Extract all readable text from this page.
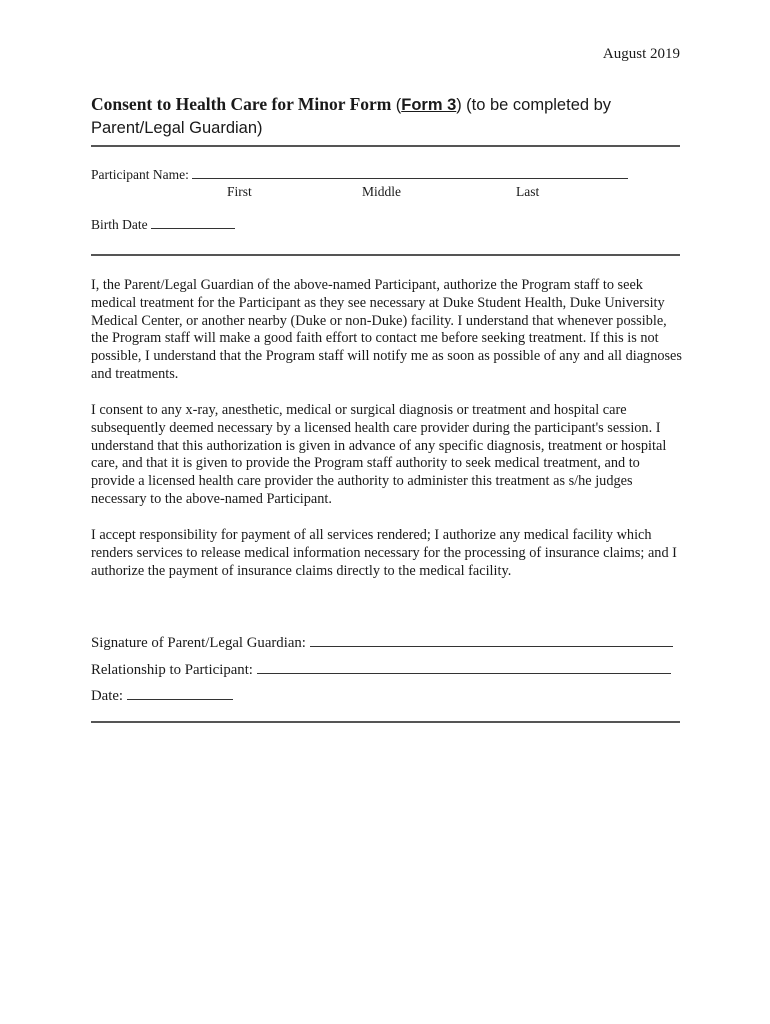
August 2019
Consent to Health Care for Minor Form (Form 3) (to be completed by Parent/Legal Guardian)
Participant Name:
First	Middle	Last
Birth Date

I, the Parent/Legal Guardian of the above-named Participant, authorize the Program staff to seek medical treatment for the Participant as they see necessary at Duke Student Health, Duke University Medical Center, or another nearby (Duke or non-Duke) facility. I understand that whenever possible, the Program staff will make a good faith effort to contact me before seeking treatment. If this is not possible, I understand that the Program staff will notify me as soon as possible of any and all diagnoses and treatments.

I consent to any x-ray, anesthetic, medical or surgical diagnosis or treatment and hospital care subsequently deemed necessary by a licensed health care provider during the participant's session. I understand that this authorization is given in advance of any specific diagnosis, treatment or hospital care, and that it is given to provide the Program staff authority to seek medical treatment, and to provide a licensed health care provider the authority to administer this treatment as s/he judges necessary to the above-named Participant.

I accept responsibility for payment of all services rendered; I authorize any medical facility which renders services to release medical information necessary for the processing of insurance claims; and I authorize the payment of insurance claims directly to the medical facility.

Signature of Parent/Legal Guardian:
Relationship to Participant:
Date:
